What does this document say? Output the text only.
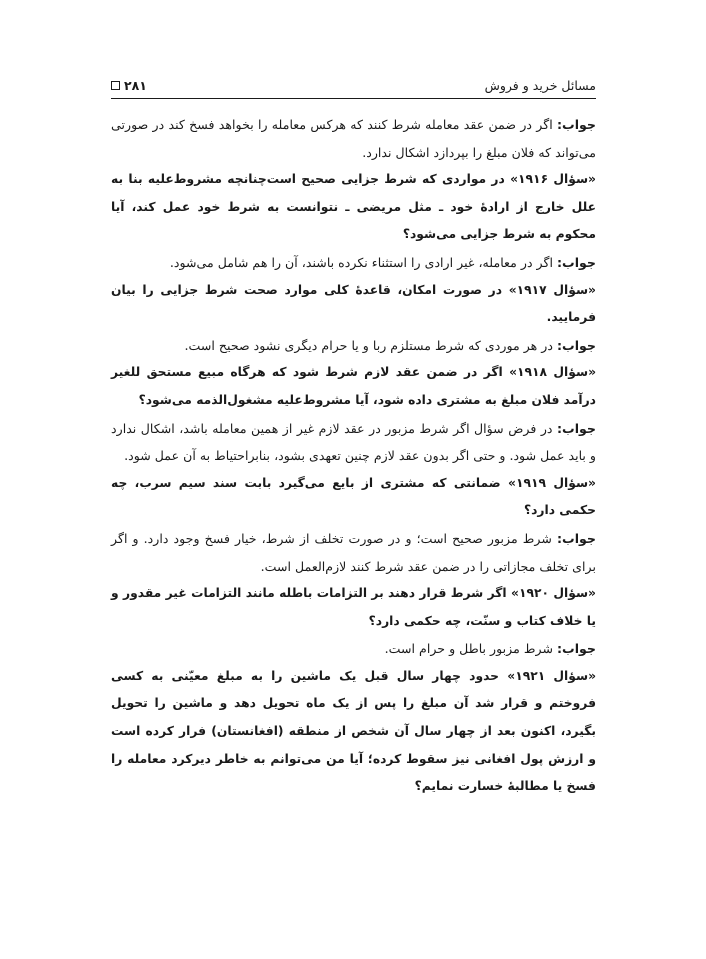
مسائل خرید و فروش
۲۸۱

جواب: اگر در ضمن عقد معامله شرط کنند که هرکس معامله را بخواهد فسخ کند در صورتی می‌تواند که فلان مبلغ را بپردازد اشکال ندارد.

«سؤال ۱۹۱۶» در مواردی که شرط جزایی صحیح است‌چنانچه مشروط‌علیه بنا به علل خارج از ارادهٔ خود ـ مثل مریضی ـ نتوانست به شرط خود عمل کند، آیا محکوم به شرط جزایی می‌شود؟

جواب: اگر در معامله، غیر ارادی را استثناء نکرده باشند، آن را هم شامل می‌شود.

«سؤال ۱۹۱۷» در صورت امکان، قاعدهٔ کلی موارد صحت شرط جزایی را بیان فرمایید.

جواب: در هر موردی که شرط مستلزم ربا و یا حرام دیگری نشود صحیح است.

«سؤال ۱۹۱۸» اگر در ضمن عقد لازم شرط شود که هرگاه مبیع مستحق للغیر درآمد فلان مبلغ به مشتری داده شود، آیا مشروط‌علیه مشغول‌الذمه می‌شود؟

جواب: در فرض سؤال اگر شرط مزبور در عقد لازم غیر از همین معامله باشد، اشکال ندارد و باید عمل شود. و حتی اگر بدون عقد لازم چنین تعهدی بشود، بنابراحتیاط به آن عمل شود.

«سؤال ۱۹۱۹» ضمانتی که مشتری از بایع می‌گیرد بابت سند سیم سرب، چه حکمی دارد؟

جواب: شرط مزبور صحیح است؛ و در صورت تخلف از شرط، خیار فسخ وجود دارد. و اگر برای تخلف مجازاتی را در ضمن عقد شرط کنند لازم‌العمل است.

«سؤال ۱۹۲۰» اگر شرط قرار دهند بر التزامات باطله مانند التزامات غیر مقدور و یا خلاف کتاب و سنّت، چه حکمی دارد؟

جواب: شرط مزبور باطل و حرام است.

«سؤال ۱۹۲۱» حدود چهار سال قبل یک ماشین را به مبلغ معیّنی به کسی فروختم و قرار شد آن مبلغ را پس از یک ماه تحویل دهد و ماشین را تحویل بگیرد، اکنون بعد از چهار سال آن شخص از منطقه (افغانستان) فرار کرده است و ارزش پول افغانی نیز سقوط کرده؛ آیا من می‌توانم به خاطر دیرکرد معامله را فسخ یا مطالبهٔ خسارت نمایم؟
